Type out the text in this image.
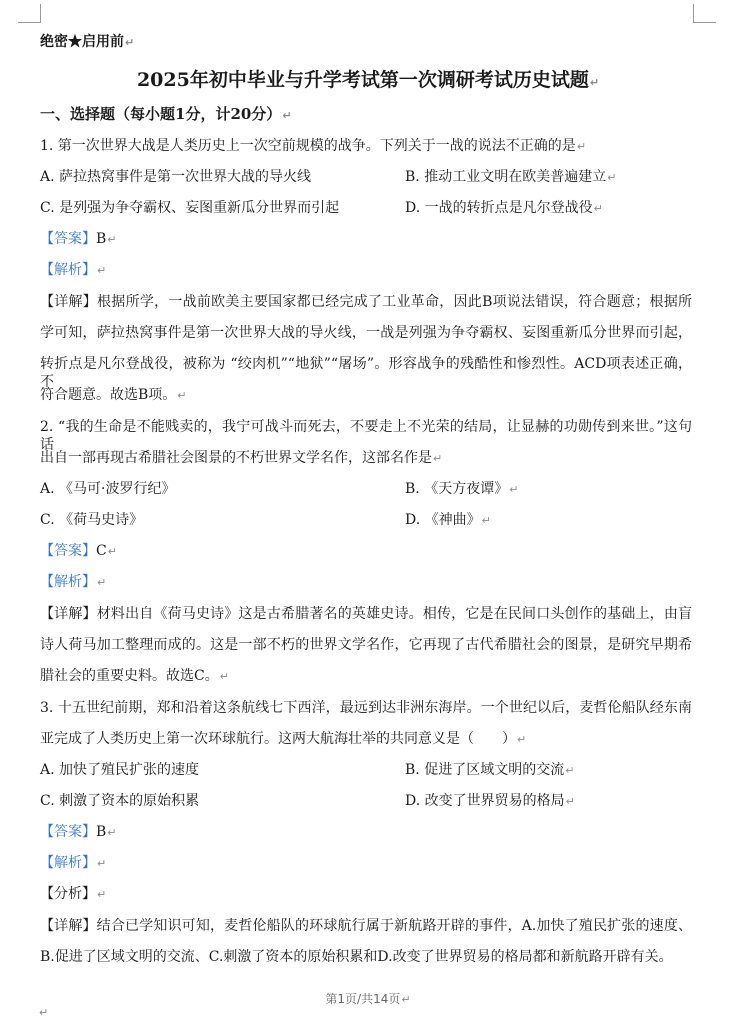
绝密★启用前↵
2025年初中毕业与升学考试第一次调研考试历史试题↵
一、选择题（每小题1分，计20分）↵
1. 第一次世界大战是人类历史上一次空前规模的战争。下列关于一战的说法不正确的是↵
A. 萨拉热窝事件是第一次世界大战的导火线	B. 推动工业文明在欧美普遍建立↵
C. 是列强为争夺霸权、妄图重新瓜分世界而引起	D. 一战的转折点是凡尔登战役↵
【答案】B↵
【解析】↵
【详解】根据所学，一战前欧美主要国家都已经完成了工业革命，因此B项说法错误，符合题意；根据所
学可知，萨拉热窝事件是第一次世界大战的导火线，一战是列强为争夺霸权、妄图重新瓜分世界而引起，
转折点是凡尔登战役，被称为 “绞肉机”“地狱”“屠场”。形容战争的残酷性和惨烈性。ACD项表述正确，不
符合题意。故选B项。↵
2. “我的生命是不能贱卖的，我宁可战斗而死去，不要走上不光荣的结局，让显赫的功勋传到来世。”这句话
出自一部再现古希腊社会图景的不朽世界文学名作，这部名作是↵
A. 《马可·波罗行纪》	B. 《天方夜谭》↵
C. 《荷马史诗》	D. 《神曲》↵
【答案】C↵
【解析】↵
【详解】材料出自《荷马史诗》这是古希腊著名的英雄史诗。相传，它是在民间口头创作的基础上，由盲
诗人荷马加工整理而成的。这是一部不朽的世界文学名作，它再现了古代希腊社会的图景，是研究早期希
腊社会的重要史料。故选C。↵
3. 十五世纪前期，郑和沿着这条航线七下西洋，最远到达非洲东海岸。一个世纪以后，麦哲伦船队经东南
亚完成了人类历史上第一次环球航行。这两大航海壮举的共同意义是（　　）↵
A. 加快了殖民扩张的速度	B. 促进了区域文明的交流↵
C. 刺激了资本的原始积累	D. 改变了世界贸易的格局↵
【答案】B↵
【解析】↵
【分析】↵
【详解】结合已学知识可知，麦哲伦船队的环球航行属于新航路开辟的事件，A.加快了殖民扩张的速度、
B.促进了区域文明的交流、C.刺激了资本的原始积累和D.改变了世界贸易的格局都和新航路开辟有关。
第1页/共14页↵
↵
